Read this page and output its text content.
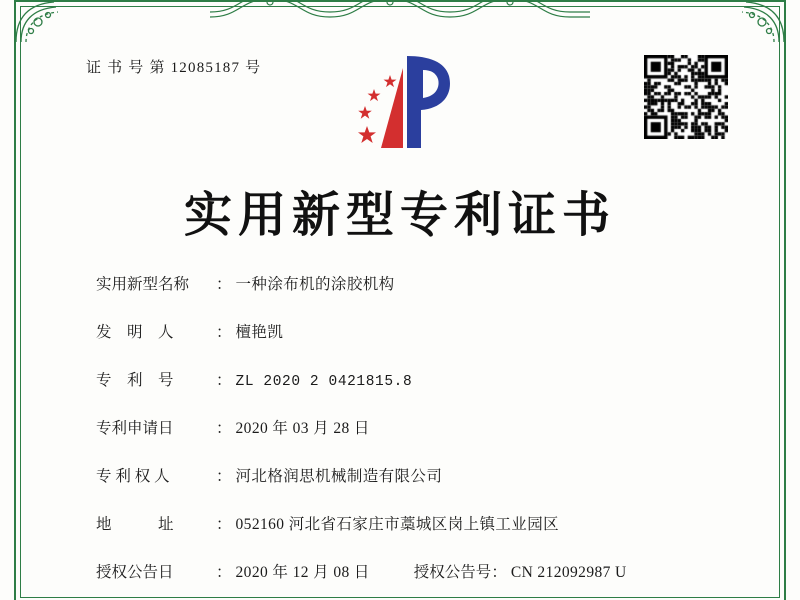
证 书 号 第 12085187 号
实用新型专利证书
实用新型名称	： 一种涂布机的涂胶机构
发　明　人	： 檀艳凯
专　利　号	： ZL 2020 2 0421815.8
专利申请日	： 2020 年 03 月 28 日
专 利 权 人	： 河北格润思机械制造有限公司
地　　　址	： 052160 河北省石家庄市藁城区岗上镇工业园区
授权公告日	： 2020 年 12 月 08 日	授权公告号 ： CN 212092987 U
